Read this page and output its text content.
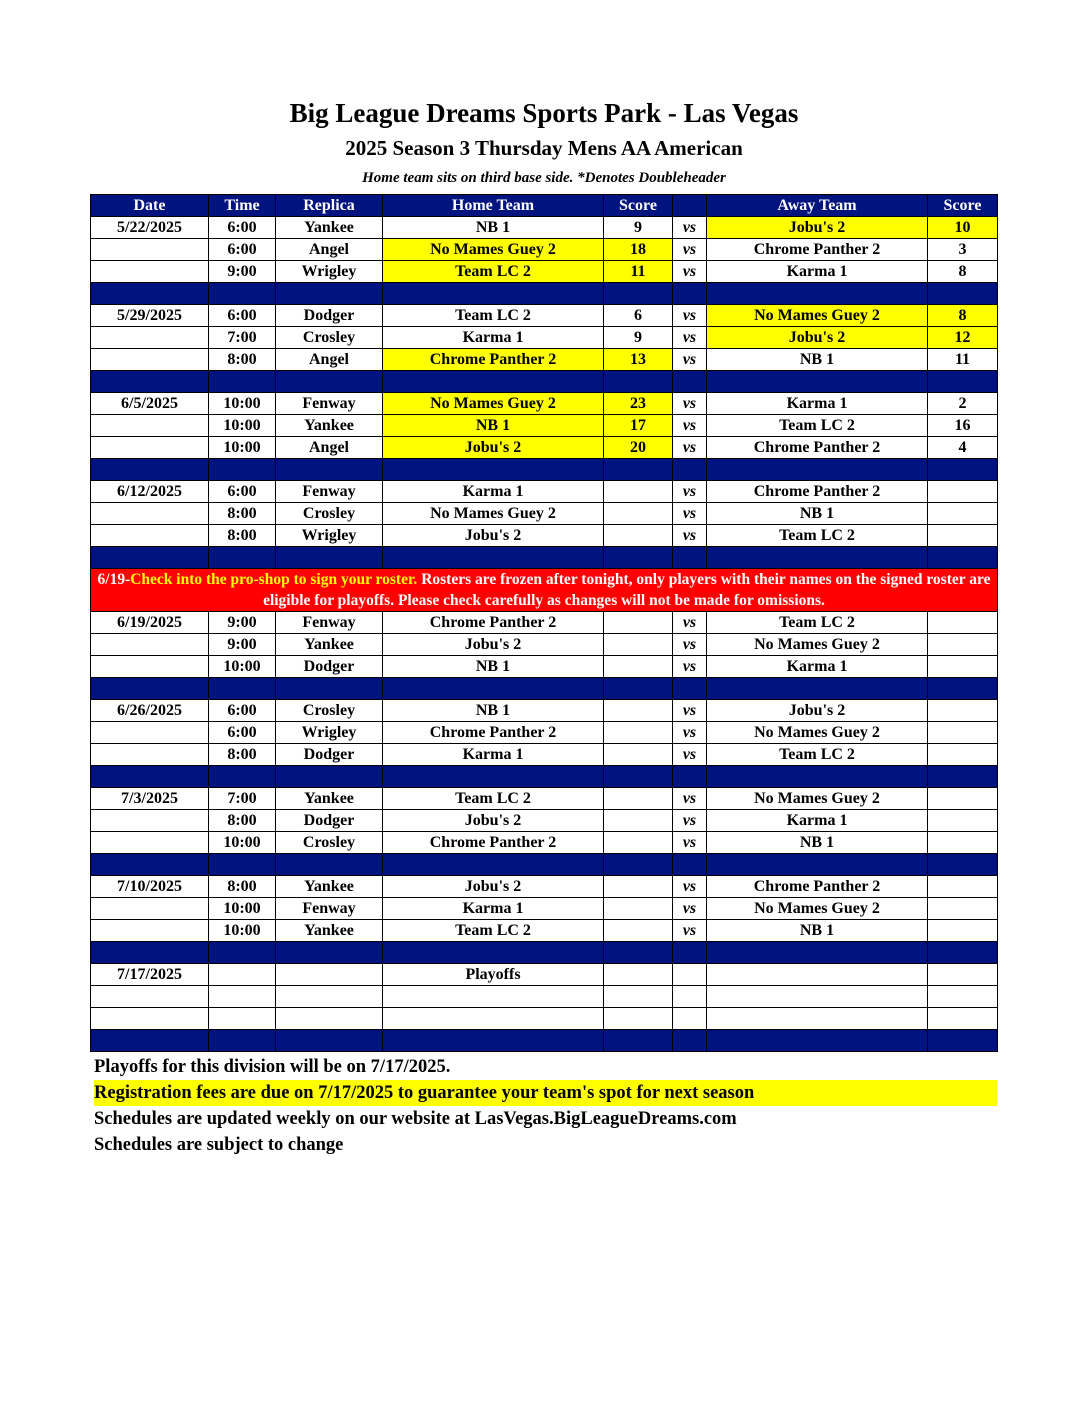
Big League Dreams Sports Park - Las Vegas
2025 Season 3 Thursday Mens AA American
Home team sits on third base side. *Denotes Doubleheader
Date	Time	Replica	Home Team	Score		Away Team	Score
5/22/2025	6:00	Yankee	NB 1	9	vs	Jobu's 2	10
	6:00	Angel	No Mames Guey 2	18	vs	Chrome Panther 2	3
	9:00	Wrigley	Team LC 2	11	vs	Karma 1	8

5/29/2025	6:00	Dodger	Team LC 2	6	vs	No Mames Guey 2	8
	7:00	Crosley	Karma 1	9	vs	Jobu's 2	12
	8:00	Angel	Chrome Panther 2	13	vs	NB 1	11

6/5/2025	10:00	Fenway	No Mames Guey 2	23	vs	Karma 1	2
	10:00	Yankee	NB 1	17	vs	Team LC 2	16
	10:00	Angel	Jobu's 2	20	vs	Chrome Panther 2	4

6/12/2025	6:00	Fenway	Karma 1		vs	Chrome Panther 2	
	8:00	Crosley	No Mames Guey 2		vs	NB 1	
	8:00	Wrigley	Jobu's 2		vs	Team LC 2	

6/19-Check into the pro-shop to sign your roster. Rosters are frozen after tonight, only players with their names on the signed roster are eligible for playoffs. Please check carefully as changes will not be made for omissions.							
6/19/2025	9:00	Fenway	Chrome Panther 2		vs	Team LC 2	
	9:00	Yankee	Jobu's 2		vs	No Mames Guey 2	
	10:00	Dodger	NB 1		vs	Karma 1	

6/26/2025	6:00	Crosley	NB 1		vs	Jobu's 2	
	6:00	Wrigley	Chrome Panther 2		vs	No Mames Guey 2	
	8:00	Dodger	Karma 1		vs	Team LC 2	

7/3/2025	7:00	Yankee	Team LC 2		vs	No Mames Guey 2	
	8:00	Dodger	Jobu's 2		vs	Karma 1	
	10:00	Crosley	Chrome Panther 2		vs	NB 1	

7/10/2025	8:00	Yankee	Jobu's 2		vs	Chrome Panther 2	
	10:00	Fenway	Karma 1		vs	No Mames Guey 2	
	10:00	Yankee	Team LC 2		vs	NB 1	

7/17/2025			Playoffs				

Playoffs for this division will be on 7/17/2025.
Registration fees are due on 7/17/2025 to guarantee your team's spot for next season
Schedules are updated weekly on our website at LasVegas.BigLeagueDreams.com
Schedules are subject to change
